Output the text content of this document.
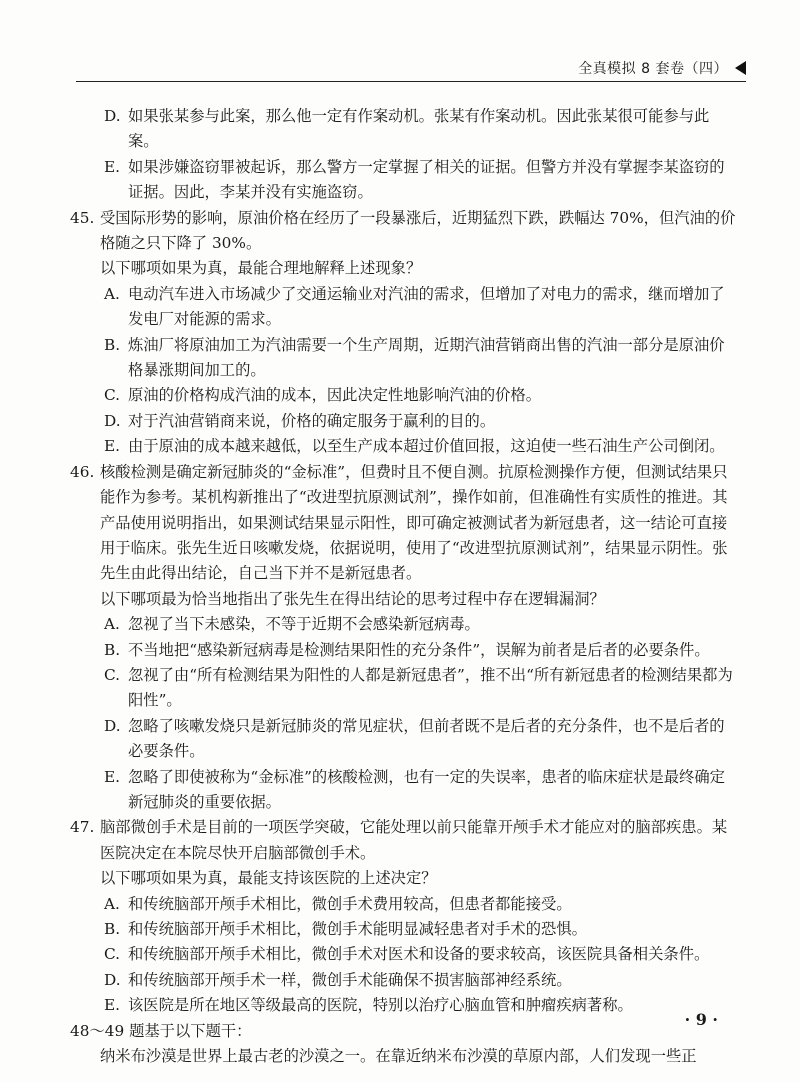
全真模拟 8 套卷（四）

D. 如果张某参与此案，那么他一定有作案动机。张某有作案动机。因此张某很可能参与此案。

E. 如果涉嫌盗窃罪被起诉，那么警方一定掌握了相关的证据。但警方并没有掌握李某盗窃的证据。因此，李某并没有实施盗窃。

45. 受国际形势的影响，原油价格在经历了一段暴涨后，近期猛烈下跌，跌幅达 70%，但汽油的价格随之只下降了 30%。

以下哪项如果为真，最能合理地解释上述现象？

A. 电动汽车进入市场减少了交通运输业对汽油的需求，但增加了对电力的需求，继而增加了发电厂对能源的需求。

B. 炼油厂将原油加工为汽油需要一个生产周期，近期汽油营销商出售的汽油一部分是原油价格暴涨期间加工的。

C. 原油的价格构成汽油的成本，因此决定性地影响汽油的价格。

D. 对于汽油营销商来说，价格的确定服务于赢利的目的。

E. 由于原油的成本越来越低，以至生产成本超过价值回报，这迫使一些石油生产公司倒闭。

46. 核酸检测是确定新冠肺炎的“金标准”，但费时且不便自测。抗原检测操作方便，但测试结果只能作为参考。某机构新推出了“改进型抗原测试剂”，操作如前，但准确性有实质性的推进。其产品使用说明指出，如果测试结果显示阳性，即可确定被测试者为新冠患者，这一结论可直接用于临床。张先生近日咳嗽发烧，依据说明，使用了“改进型抗原测试剂”，结果显示阴性。张先生由此得出结论，自己当下并不是新冠患者。

以下哪项最为恰当地指出了张先生在得出结论的思考过程中存在逻辑漏洞？

A. 忽视了当下未感染，不等于近期不会感染新冠病毒。

B. 不当地把“感染新冠病毒是检测结果阳性的充分条件”，误解为前者是后者的必要条件。

C. 忽视了由“所有检测结果为阳性的人都是新冠患者”，推不出“所有新冠患者的检测结果都为阳性”。

D. 忽略了咳嗽发烧只是新冠肺炎的常见症状，但前者既不是后者的充分条件，也不是后者的必要条件。

E. 忽略了即使被称为“金标准”的核酸检测，也有一定的失误率，患者的临床症状是最终确定新冠肺炎的重要依据。

47. 脑部微创手术是目前的一项医学突破，它能处理以前只能靠开颅手术才能应对的脑部疾患。某医院决定在本院尽快开启脑部微创手术。

以下哪项如果为真，最能支持该医院的上述决定？

A. 和传统脑部开颅手术相比，微创手术费用较高，但患者都能接受。

B. 和传统脑部开颅手术相比，微创手术能明显减轻患者对手术的恐惧。

C. 和传统脑部开颅手术相比，微创手术对医术和设备的要求较高，该医院具备相关条件。

D. 和传统脑部开颅手术一样，微创手术能确保不损害脑部神经系统。

E. 该医院是所在地区等级最高的医院，特别以治疗心脑血管和肿瘤疾病著称。

48～49 题基于以下题干：

纳米布沙漠是世界上最古老的沙漠之一。在靠近纳米布沙漠的草原内部，人们发现一些正

· 9 ·
